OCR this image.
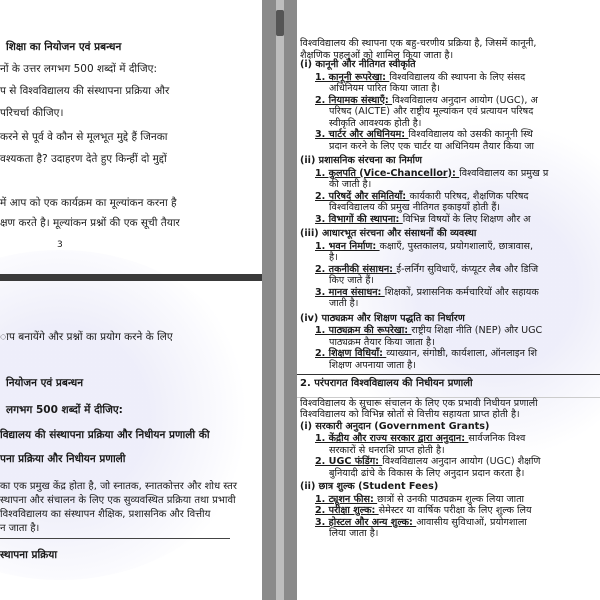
शिक्षा का नियोजन एवं प्रबन्धन
नों के उत्तर लगभग 500 शब्दों में दीजिए:
प से विश्वविद्यालय की संस्थापना प्रक्रिया और
परिचर्चा कीजिए।
करने से पूर्व वे कौन से मूलभूत मुद्दे हैं जिनका
वश्यकता है? उदाहरण देते हुए किन्हीं दो मुद्दों
में आप को एक कार्यक्रम का मूल्यांकन करना है
क्षण करते है। मूल्यांकन प्रश्नों की एक सूची तैयार
3
ाप बनायेंगे और प्रश्नों का प्रयोग करने के लिए
नियोजन एवं प्रबन्धन
लगभग 500 शब्दों में दीजिए:
विद्यालय की संस्थापना प्रक्रिया और निधीयन प्रणाली की
पना प्रक्रिया और निधीयन प्रणाली
का एक प्रमुख केंद्र होता है, जो स्नातक, स्नातकोत्तर और शोध स्तर
स्थापना और संचालन के लिए एक सुव्यवस्थित प्रक्रिया तथा प्रभावी
विश्वविद्यालय का संस्थापन शैक्षिक, प्रशासनिक और वित्तीय
न जाता है।
स्थापना प्रक्रिया
विश्वविद्यालय की स्थापना एक बहु-चरणीय प्रक्रिया है, जिसमें कानूनी,
शैक्षणिक पहलुओं को शामिल किया जाता है।
(i) कानूनी और नीतिगत स्वीकृति
1. कानूनी रूपरेखा: विश्वविद्यालय की स्थापना के लिए संसद
अधिनियम पारित किया जाता है।
2. नियामक संस्थाएँ: विश्वविद्यालय अनुदान आयोग (UGC), अ
परिषद (AICTE) और राष्ट्रीय मूल्यांकन एवं प्रत्यायन परिषद
स्वीकृति आवश्यक होती है।
3. चार्टर और अधिनियम: विश्वविद्यालय को उसकी कानूनी स्थि
प्रदान करने के लिए एक चार्टर या अधिनियम तैयार किया जा
(ii) प्रशासनिक संरचना का निर्माण
1. कुलपति (Vice-Chancellor): विश्वविद्यालय का प्रमुख प्र
की जाती है।
2. परिषदें और समितियाँ: कार्यकारी परिषद, शैक्षणिक परिषद
विश्वविद्यालय की प्रमुख नीतिगत इकाइयाँ होती हैं।
3. विभागों की स्थापना: विभिन्न विषयों के लिए शिक्षण और अ
(iii) आधारभूत संरचना और संसाधनों की व्यवस्था
1. भवन निर्माण: कक्षाएँ, पुस्तकालय, प्रयोगशालाएँ, छात्रावास,
है।
2. तकनीकी संसाधन: ई-लर्निंग सुविधाएँ, कंप्यूटर लैब और डिजि
किए जाते हैं।
3. मानव संसाधन: शिक्षकों, प्रशासनिक कर्मचारियों और सहायक
जाती है।
(iv) पाठ्यक्रम और शिक्षण पद्धति का निर्धारण
1. पाठ्यक्रम की रूपरेखा: राष्ट्रीय शिक्षा नीति (NEP) और UGC
पाठ्यक्रम तैयार किया जाता है।
2. शिक्षण विधियाँ: व्याख्यान, संगोष्ठी, कार्यशाला, ऑनलाइन शि
शिक्षण अपनाया जाता है।
2. परंपरागत विश्वविद्यालय की निधीयन प्रणाली
विश्वविद्यालय के सुचारू संचालन के लिए एक प्रभावी निधीयन प्रणाली
विश्वविद्यालय को विभिन्न स्रोतों से वित्तीय सहायता प्राप्त होती है।
(i) सरकारी अनुदान (Government Grants)
1. केंद्रीय और राज्य सरकार द्वारा अनुदान: सार्वजनिक विश्व
सरकारों से धनराशि प्राप्त होती है।
2. UGC फंडिंग: विश्वविद्यालय अनुदान आयोग (UGC) शैक्षणि
बुनियादी ढांचे के विकास के लिए अनुदान प्रदान करता है।
(ii) छात्र शुल्क (Student Fees)
1. ट्यूशन फीस: छात्रों से उनकी पाठ्यक्रम शुल्क लिया जाता
2. परीक्षा शुल्क: सेमेस्टर या वार्षिक परीक्षा के लिए शुल्क लिय
3. होस्टल और अन्य शुल्क: आवासीय सुविधाओं, प्रयोगशाला
लिया जाता है।
